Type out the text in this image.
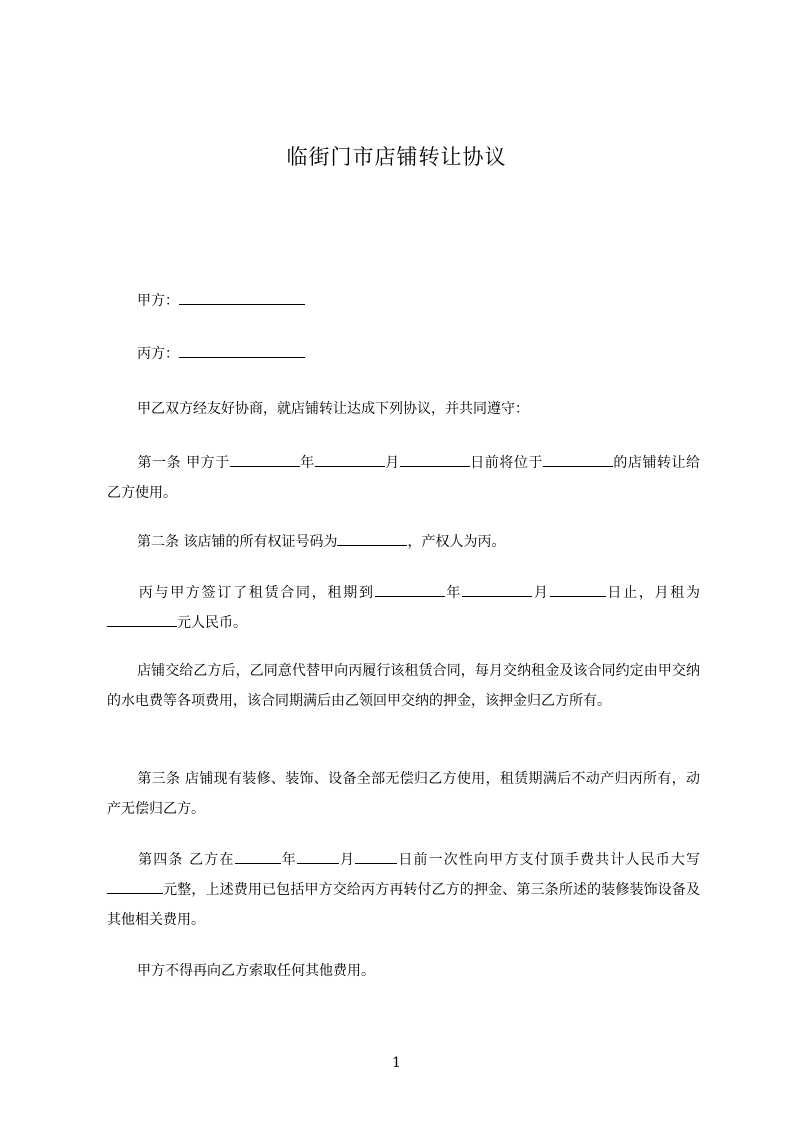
临街门市店铺转让协议

甲方：

丙方：

甲乙双方经友好协商，就店铺转让达成下列协议，并共同遵守：

第一条 甲方于	年	月	日前将位于	的店铺转让给乙方使用。

第二条 该店铺的所有权证号码为	，产权人为丙。

丙与甲方签订了租赁合同，租期到	年	月	日止，月租为元人民币。

店铺交给乙方后，乙同意代替甲向丙履行该租赁合同，每月交纳租金及该合同约定由甲交纳的水电费等各项费用，该合同期满后由乙领回甲交纳的押金，该押金归乙方所有。

第三条 店铺现有装修、装饰、设备全部无偿归乙方使用，租赁期满后不动产归丙所有，动产无偿归乙方。

第四条 乙方在	年	月	日前一次性向甲方支付顶手费共计人民币大写元整，上述费用已包括甲方交给丙方再转付乙方的押金、第三条所述的装修装饰设备及其他相关费用。

甲方不得再向乙方索取任何其他费用。

1
